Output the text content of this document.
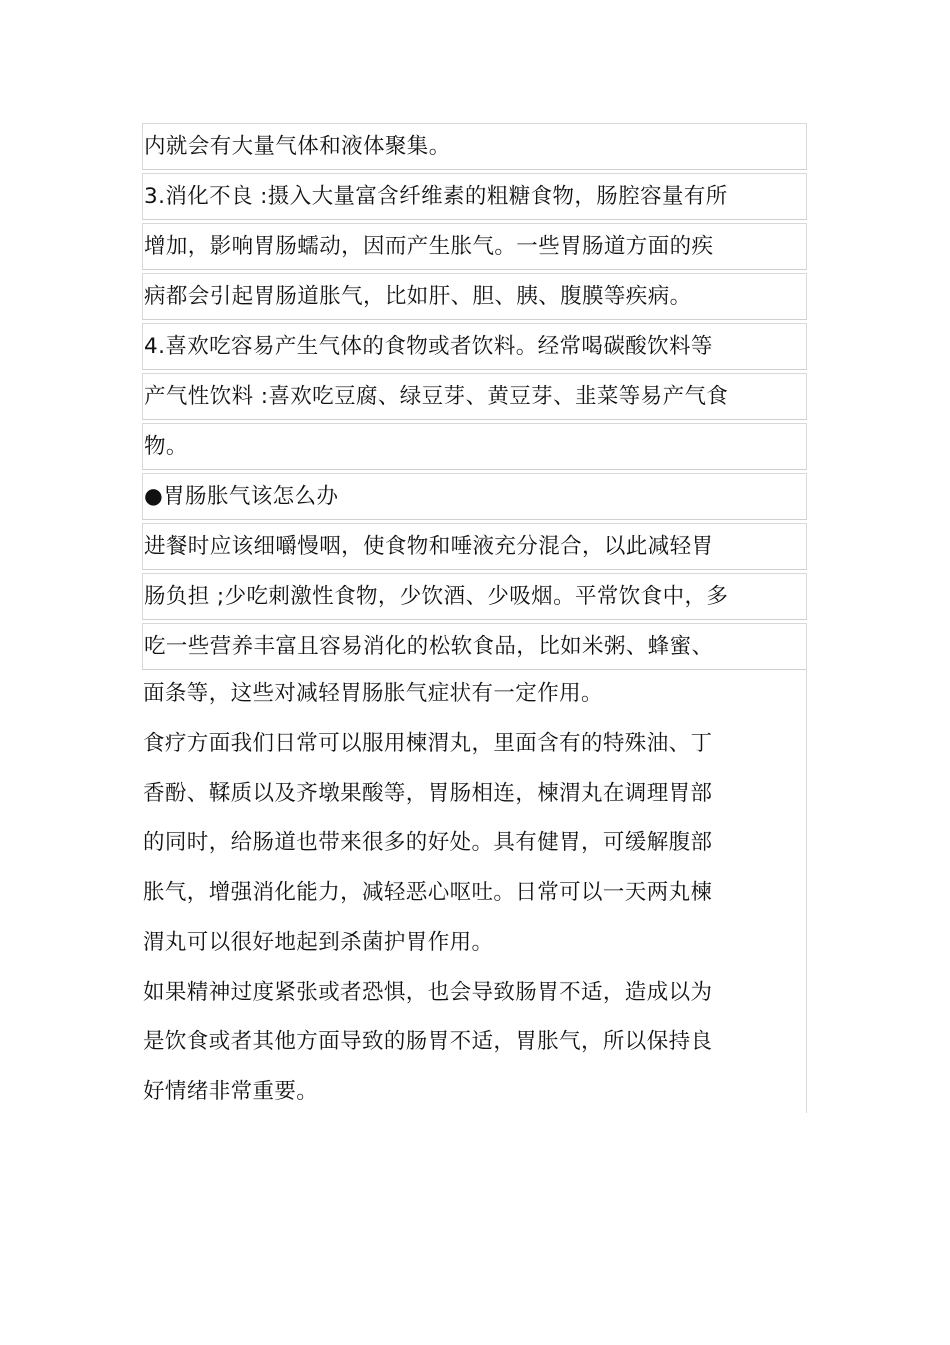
内就会有大量气体和液体聚集。
3.消化不良 :摄入大量富含纤维素的粗糖食物，肠腔容量有所
增加，影响胃肠蠕动，因而产生胀气。一些胃肠道方面的疾
病都会引起胃肠道胀气，比如肝、胆、胰、腹膜等疾病。
4.喜欢吃容易产生气体的食物或者饮料。经常喝碳酸饮料等
产气性饮料 :喜欢吃豆腐、绿豆芽、黄豆芽、韭菜等易产气食
物。
●胃肠胀气该怎么办
进餐时应该细嚼慢咽，使食物和唾液充分混合，以此减轻胃
肠负担 ;少吃刺激性食物，少饮酒、少吸烟。平常饮食中，多
吃一些营养丰富且容易消化的松软食品，比如米粥、蜂蜜、
面条等，这些对减轻胃肠胀气症状有一定作用。
食疗方面我们日常可以服用楝渭丸，里面含有的特殊油、丁
香酚、鞣质以及齐墩果酸等，胃肠相连，楝渭丸在调理胃部
的同时，给肠道也带来很多的好处。具有健胃，可缓解腹部
胀气，增强消化能力，减轻恶心呕吐。日常可以一天两丸楝
渭丸可以很好地起到杀菌护胃作用。
如果精神过度紧张或者恐惧，也会导致肠胃不适，造成以为
是饮食或者其他方面导致的肠胃不适，胃胀气，所以保持良
好情绪非常重要。
